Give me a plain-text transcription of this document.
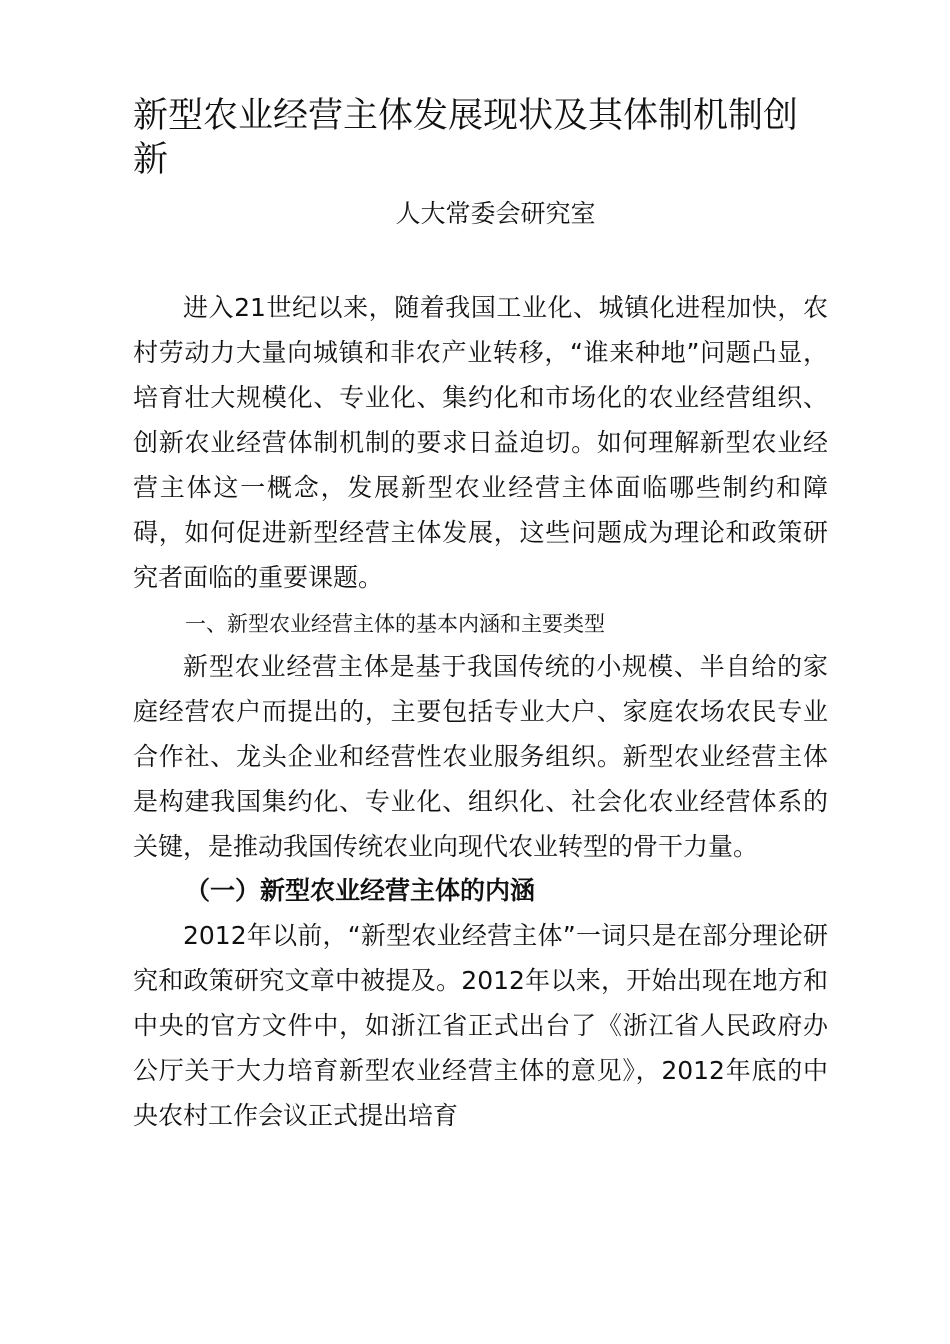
新型农业经营主体发展现状及其体制机制创新

人大常委会研究室

进入21世纪以来，随着我国工业化、城镇化进程加快，农村劳动力大量向城镇和非农产业转移，“谁来种地”问题凸显，培育壮大规模化、专业化、集约化和市场化的农业经营组织、创新农业经营体制机制的要求日益迫切。如何理解新型农业经营主体这一概念，发展新型农业经营主体面临哪些制约和障碍，如何促进新型经营主体发展，这些问题成为理论和政策研究者面临的重要课题。

一、新型农业经营主体的基本内涵和主要类型

新型农业经营主体是基于我国传统的小规模、半自给的家庭经营农户而提出的，主要包括专业大户、家庭农场农民专业合作社、龙头企业和经营性农业服务组织。新型农业经营主体是构建我国集约化、专业化、组织化、社会化农业经营体系的关键，是推动我国传统农业向现代农业转型的骨干力量。

（一）新型农业经营主体的内涵

2012年以前，“新型农业经营主体”一词只是在部分理论研究和政策研究文章中被提及。2012年以来，开始出现在地方和中央的官方文件中，如浙江省正式出台了《浙江省人民政府办公厅关于大力培育新型农业经营主体的意见》，2012年底的中央农村工作会议正式提出培育
